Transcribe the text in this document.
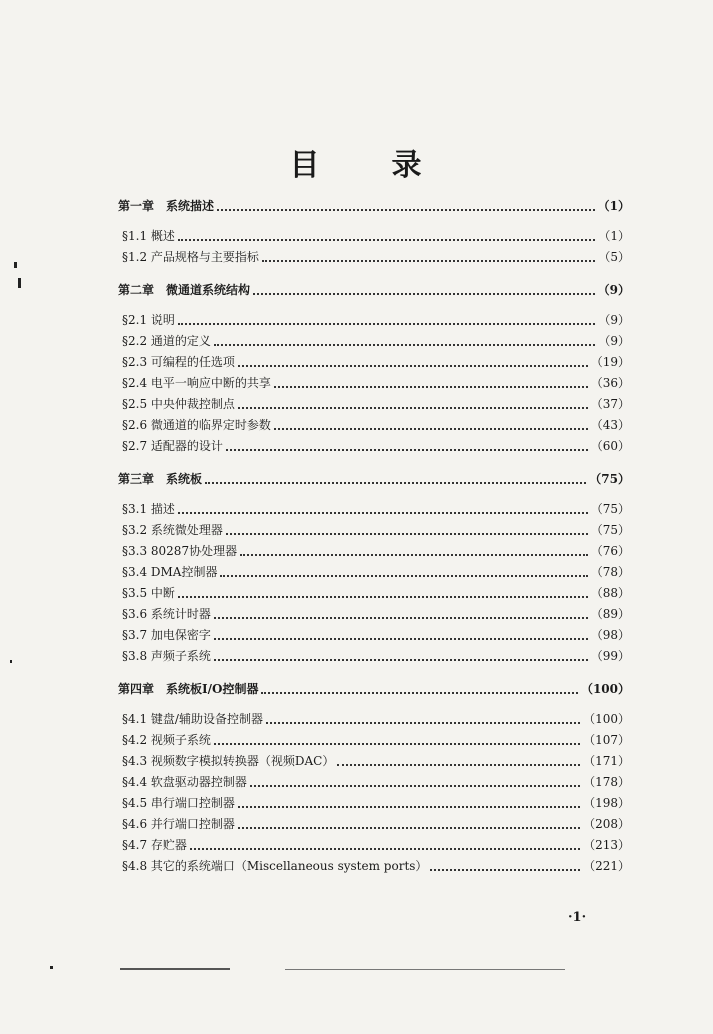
目 录
第一章　系统描述	（1）
§1.1 概述	（1）
§1.2 产品规格与主要指标	（5）
第二章　微通道系统结构	（9）
§2.1 说明	（9）
§2.2 通道的定义	（9）
§2.3 可编程的任选项	（19）
§2.4 电平一响应中断的共享	（36）
§2.5 中央仲裁控制点	（37）
§2.6 微通道的临界定时参数	（43）
§2.7 适配器的设计	（60）
第三章　系统板	（75）
§3.1 描述	（75）
§3.2 系统微处理器	（75）
§3.3 80287协处理器	（76）
§3.4 DMA控制器	（78）
§3.5 中断	（88）
§3.6 系统计时器	（89）
§3.7 加电保密字	（98）
§3.8 声频子系统	（99）
第四章　系统板I/O控制器	（100）
§4.1 键盘/辅助设备控制器	（100）
§4.2 视频子系统	（107）
§4.3 视频数字模拟转换器（视频DAC）	（171）
§4.4 软盘驱动器控制器	（178）
§4.5 串行端口控制器	（198）
§4.6 并行端口控制器	（208）
§4.7 存贮器	（213）
§4.8 其它的系统端口（Miscellaneous system ports）	（221）
·1·
